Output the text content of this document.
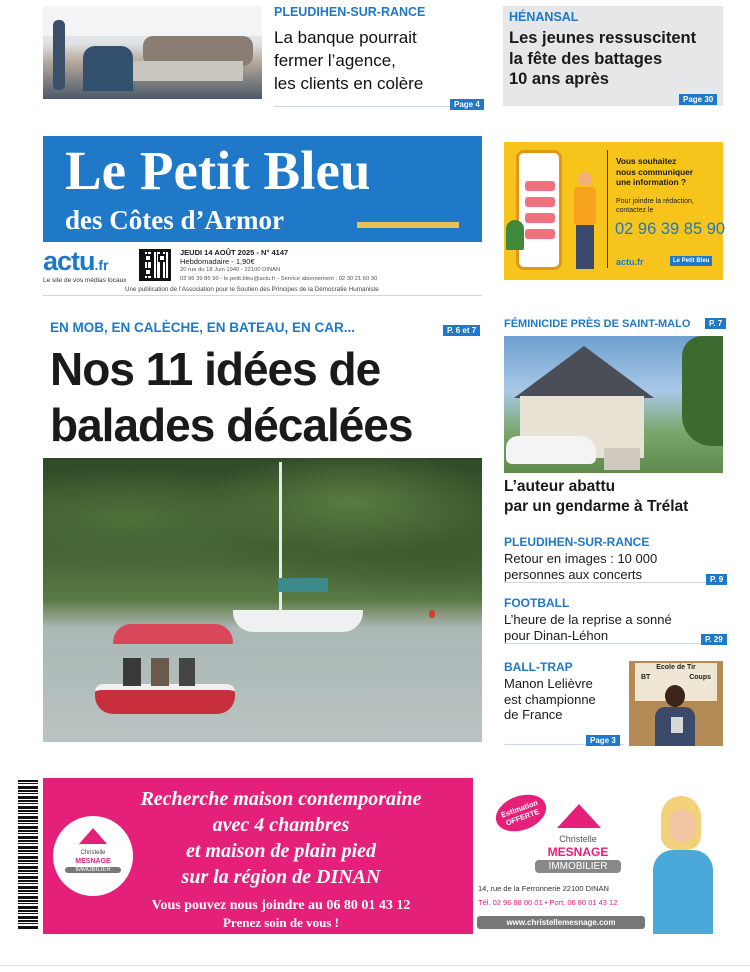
PLEUDIHEN-SUR-RANCE
La banque pourrait
fermer l’agence,
les clients en colère
Page 4
HÉNANSAL
Les jeunes ressuscitent
la fête des battages
10 ans après
Page 30
Le Petit Bleu
des Côtes d’Armor
actu.fr
Le site de vos médias locaux
JEUDI 14 AOÛT 2025 - N° 4147
Hebdomadaire - 1,90€
20 rue du 18 Juin 1940 - 22100 DINAN
02 96 39 85 90 - le.petit.bleu@actu.fr - Service abonnement : 02 30 21 60 30
Une publication de l’Association pour le Soutien des Principes de la Démocratie Humaniste
Vous souhaitez
nous communiquer
une information ?
Pour joindre la rédaction,
contactez le
02 96 39 85 90
actu.fr	Le Petit Bleu
EN MOB, EN CALÈCHE, EN BATEAU, EN CAR...	P. 6 et 7
Nos 11 idées de
balades décalées
FÉMINICIDE PRÈS DE SAINT-MALO	P. 7
L’auteur abattu
par un gendarme à Trélat
PLEUDIHEN-SUR-RANCE
Retour en images : 10 000
personnes aux concerts	P. 9
FOOTBALL
L’heure de la reprise a sonné
pour Dinan-Léhon	P. 29
BALL-TRAP
Manon Lelièvre
est championne
de France
Page 3
Ecole de Tir
BT	Coups
Christelle
MESNAGE
IMMOBILIER
Recherche maison contemporaine
avec 4 chambres
et maison de plain pied
sur la région de DINAN
Vous pouvez nous joindre au 06 80 01 43 12
Prenez soin de vous !
Estimation OFFERTE
Christelle
MESNAGE
IMMOBILIER
14, rue de la Ferronnerie 22100 DINAN
Tél. 02 96 88 00 01 • Port. 06 80 01 43 12
www.christellemesnage.com
